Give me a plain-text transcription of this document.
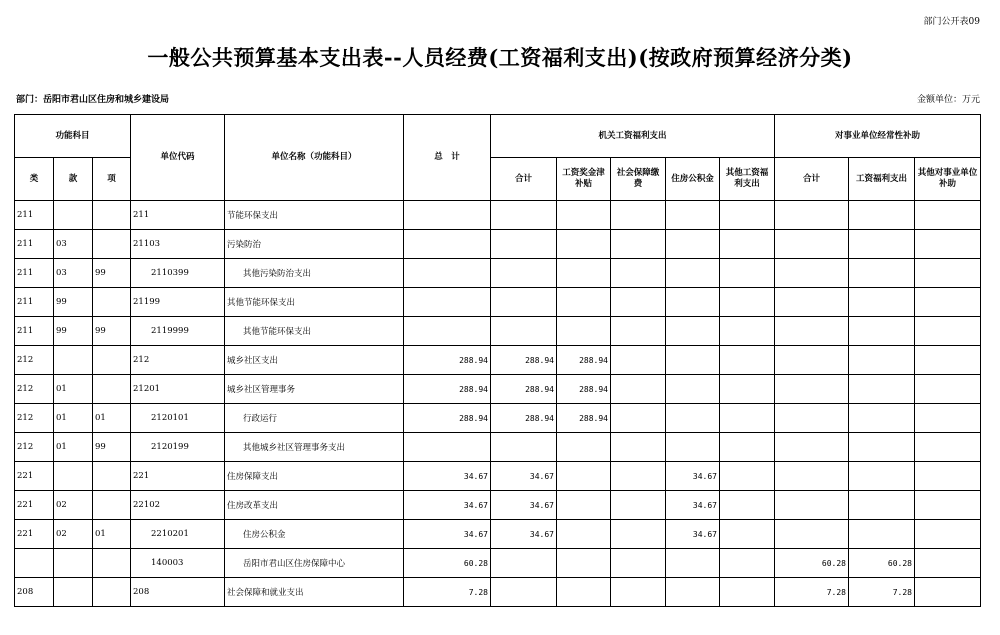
部门公开表09
一般公共预算基本支出表--人员经费(工资福利支出)(按政府预算经济分类)
部门：岳阳市君山区住房和城乡建设局	金额单位：万元
功能科目			单位代码	单位名称（功能科目）	总　计	机关工资福利支出					对事业单位经常性补助		
类	款	项				合计	工资奖金津补贴	社会保障缴费	住房公积金	其他工资福利支出	合计	工资福利支出	其他对事业单位补助
211			211	节能环保支出									
211	03		21103	污染防治									
211	03	99	2110399	其他污染防治支出									
211	99		21199	其他节能环保支出									
211	99	99	2119999	其他节能环保支出									
212			212	城乡社区支出	288.94	288.94	288.94						
212	01		21201	城乡社区管理事务	288.94	288.94	288.94						
212	01	01	2120101	行政运行	288.94	288.94	288.94						
212	01	99	2120199	其他城乡社区管理事务支出									
221			221	住房保障支出	34.67	34.67			34.67				
221	02		22102	住房改革支出	34.67	34.67			34.67				
221	02	01	2210201	住房公积金	34.67	34.67			34.67				
			140003	岳阳市君山区住房保障中心	60.28						60.28	60.28	
208			208	社会保障和就业支出	7.28						7.28	7.28	
